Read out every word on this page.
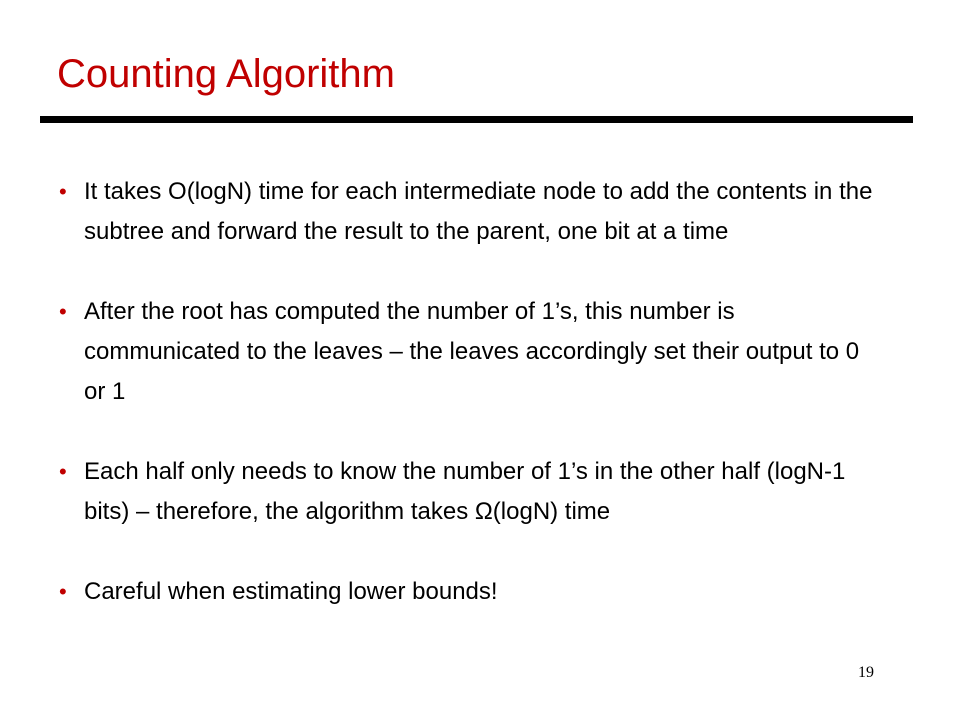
Counting Algorithm
• It takes O(logN) time for each intermediate node to add the contents in the subtree and forward the result to the parent, one bit at a time
• After the root has computed the number of 1’s, this number is communicated to the leaves – the leaves accordingly set their output to 0 or 1
• Each half only needs to know the number of 1’s in the other half (logN-1 bits) – therefore, the algorithm takes Ω(logN) time
• Careful when estimating lower bounds!
19
